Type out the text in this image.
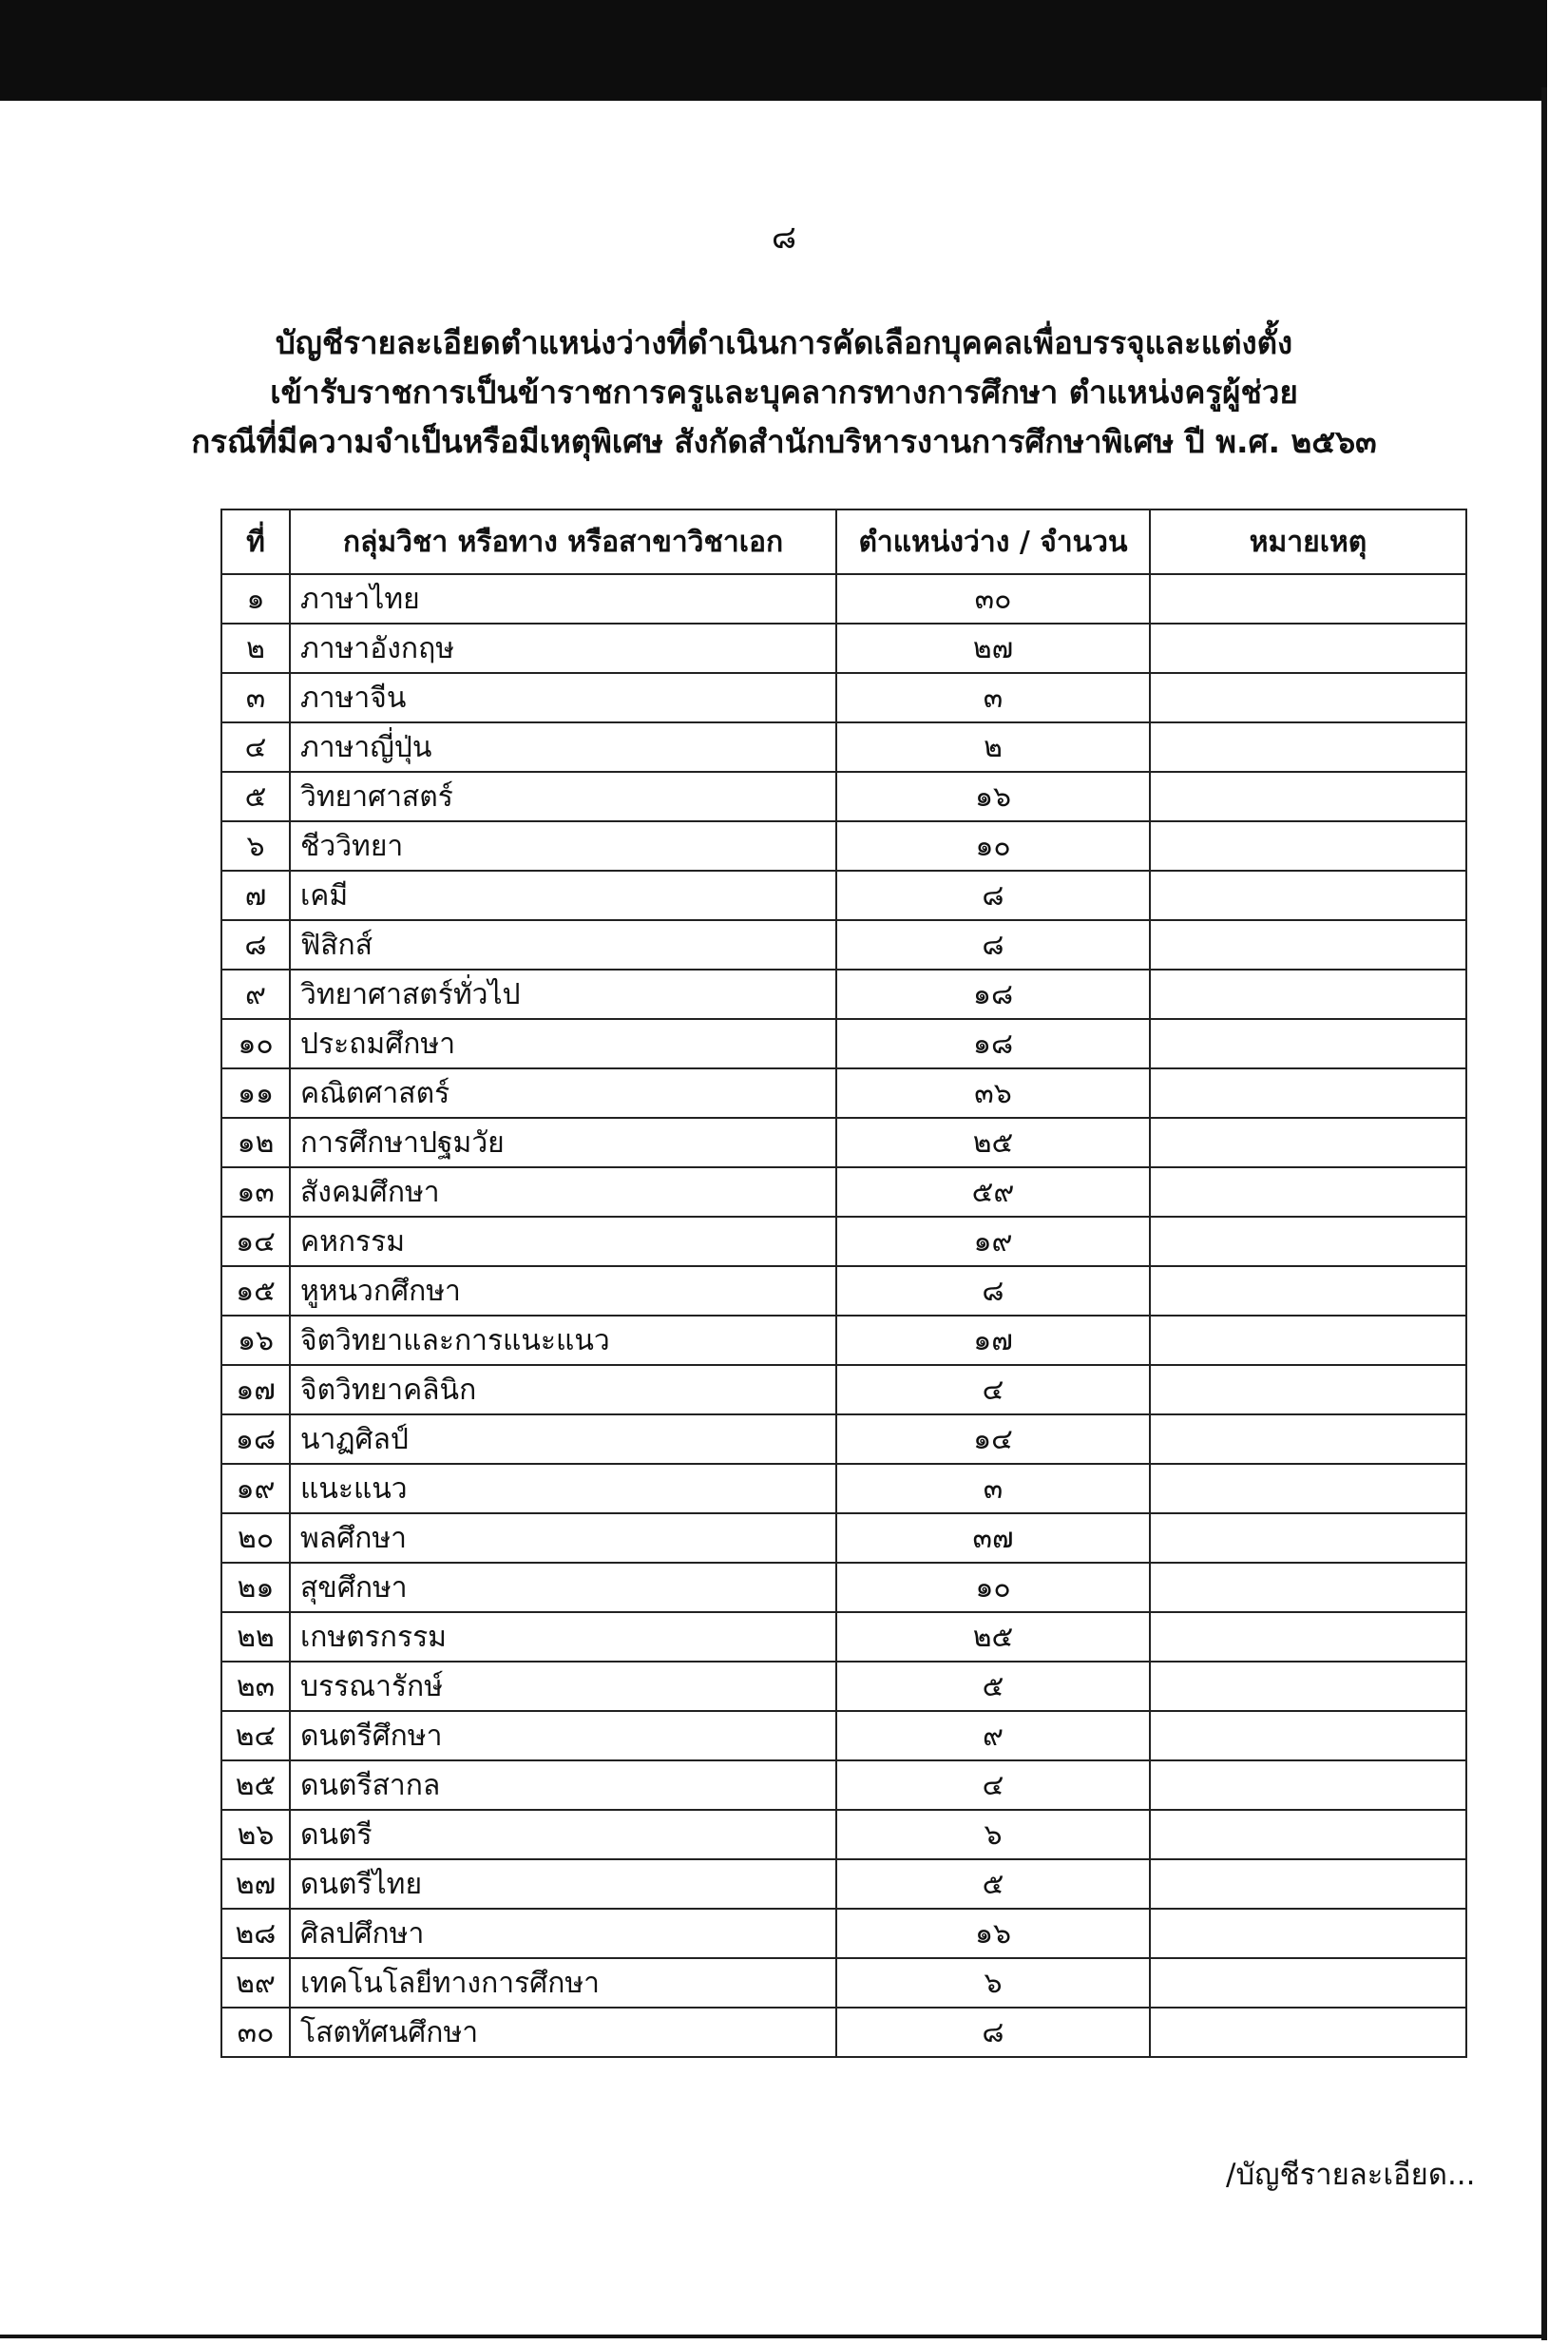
๘
บัญชีรายละเอียดตำแหน่งว่างที่ดำเนินการคัดเลือกบุคคลเพื่อบรรจุและแต่งตั้ง
เข้ารับราชการเป็นข้าราชการครูและบุคลากรทางการศึกษา ตำแหน่งครูผู้ช่วย
กรณีที่มีความจำเป็นหรือมีเหตุพิเศษ สังกัดสำนักบริหารงานการศึกษาพิเศษ ปี พ.ศ. ๒๕๖๓
ที่	กลุ่มวิชา หรือทาง หรือสาขาวิชาเอก	ตำแหน่งว่าง / จำนวน	หมายเหตุ
๑	ภาษาไทย	๓๐	
๒	ภาษาอังกฤษ	๒๗	
๓	ภาษาจีน	๓	
๔	ภาษาญี่ปุ่น	๒	
๕	วิทยาศาสตร์	๑๖	
๖	ชีววิทยา	๑๐	
๗	เคมี	๘	
๘	ฟิสิกส์	๘	
๙	วิทยาศาสตร์ทั่วไป	๑๘	
๑๐	ประถมศึกษา	๑๘	
๑๑	คณิตศาสตร์	๓๖	
๑๒	การศึกษาปฐมวัย	๒๕	
๑๓	สังคมศึกษา	๕๙	
๑๔	คหกรรม	๑๙	
๑๕	หูหนวกศึกษา	๘	
๑๖	จิตวิทยาและการแนะแนว	๑๗	
๑๗	จิตวิทยาคลินิก	๔	
๑๘	นาฏศิลป์	๑๔	
๑๙	แนะแนว	๓	
๒๐	พลศึกษา	๓๗	
๒๑	สุขศึกษา	๑๐	
๒๒	เกษตรกรรม	๒๕	
๒๓	บรรณารักษ์	๕	
๒๔	ดนตรีศึกษา	๙	
๒๕	ดนตรีสากล	๔	
๒๖	ดนตรี	๖	
๒๗	ดนตรีไทย	๕	
๒๘	ศิลปศึกษา	๑๖	
๒๙	เทคโนโลยีทางการศึกษา	๖	
๓๐	โสตทัศนศึกษา	๘	
/บัญชีรายละเอียด...
